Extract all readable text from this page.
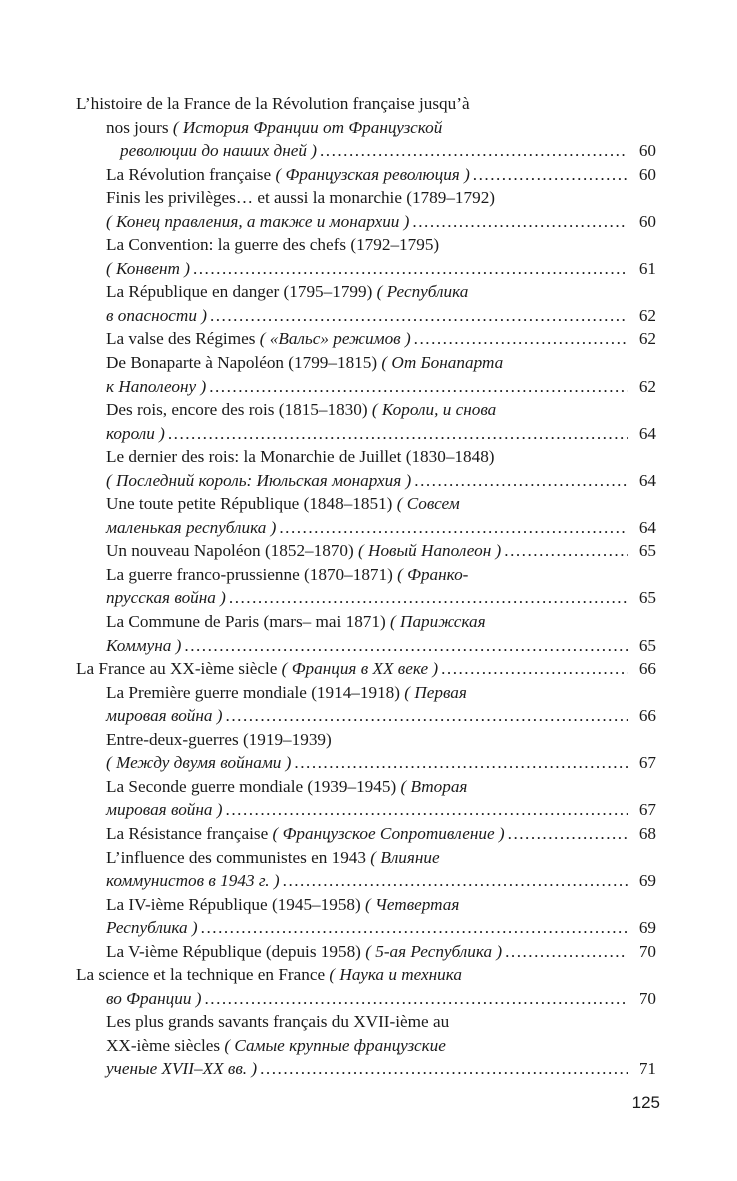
L’histoire de la France de la Révolution française jusqu’à
nos jours ( История Франции от Французской
революции до наших дней ) .....	60
La Révolution française
( Французская революция ) .....	60
Finis les privilèges… et aussi la monarchie (1789–1792)
( Конец правления, а также и монархии ) .....	60
La Convention: la guerre des chefs (1792–1795)
( Конвент ) .....	61
La République en danger (1795–1799) ( Республика
в опасности ) .....	62
La valse des Régimes
( «Вальс» режимов ) .....	62
De Bonaparte à Napoléon (1799–1815) ( От Бонапарта
к Наполеону ) .....	62
Des rois, encore des rois (1815–1830) ( Короли, и снова
короли ) .....	64
Le dernier des rois: la Monarchie de Juillet (1830–1848)
( Последний король: Июльская монархия ) .....	64
Une toute petite République (1848–1851) ( Совсем
маленькая республика ) .....	64
Un nouveau Napoléon (1852–1870)
( Новый Наполеон ) .....	65
La guerre franco-prussienne (1870–1871) ( Франко-
прусская война ) .....	65
La Commune de Paris (mars– mai 1871) ( Парижская
Коммуна ) .....	65
La France au XX-ième siècle
( Франция в XX веке ) .....	66
La Première guerre mondiale (1914–1918) ( Первая
мировая война ) .....	66
Entre-deux-guerres (1919–1939)
( Между двумя войнами ) .....	67
La Seconde guerre mondiale (1939–1945) ( Вторая
мировая война ) .....	67
La Résistance française
( Французское Сопротивление ) .....	68
L’influence des communistes en 1943 ( Влияние
коммунистов в 1943 г. ) .....	69
La IV-ième République (1945–1958) ( Четвертая
Республика ) .....	69
La V-ième République (depuis 1958)
( 5-ая Республика ) .....	70
La science et la technique en France ( Наука и техника
во Франции ) .....	70
Les plus grands savants français du XVII-ième au
XX-ième siècles ( Самые крупные французские
ученые XVII–XX вв. ) .....	71
125
